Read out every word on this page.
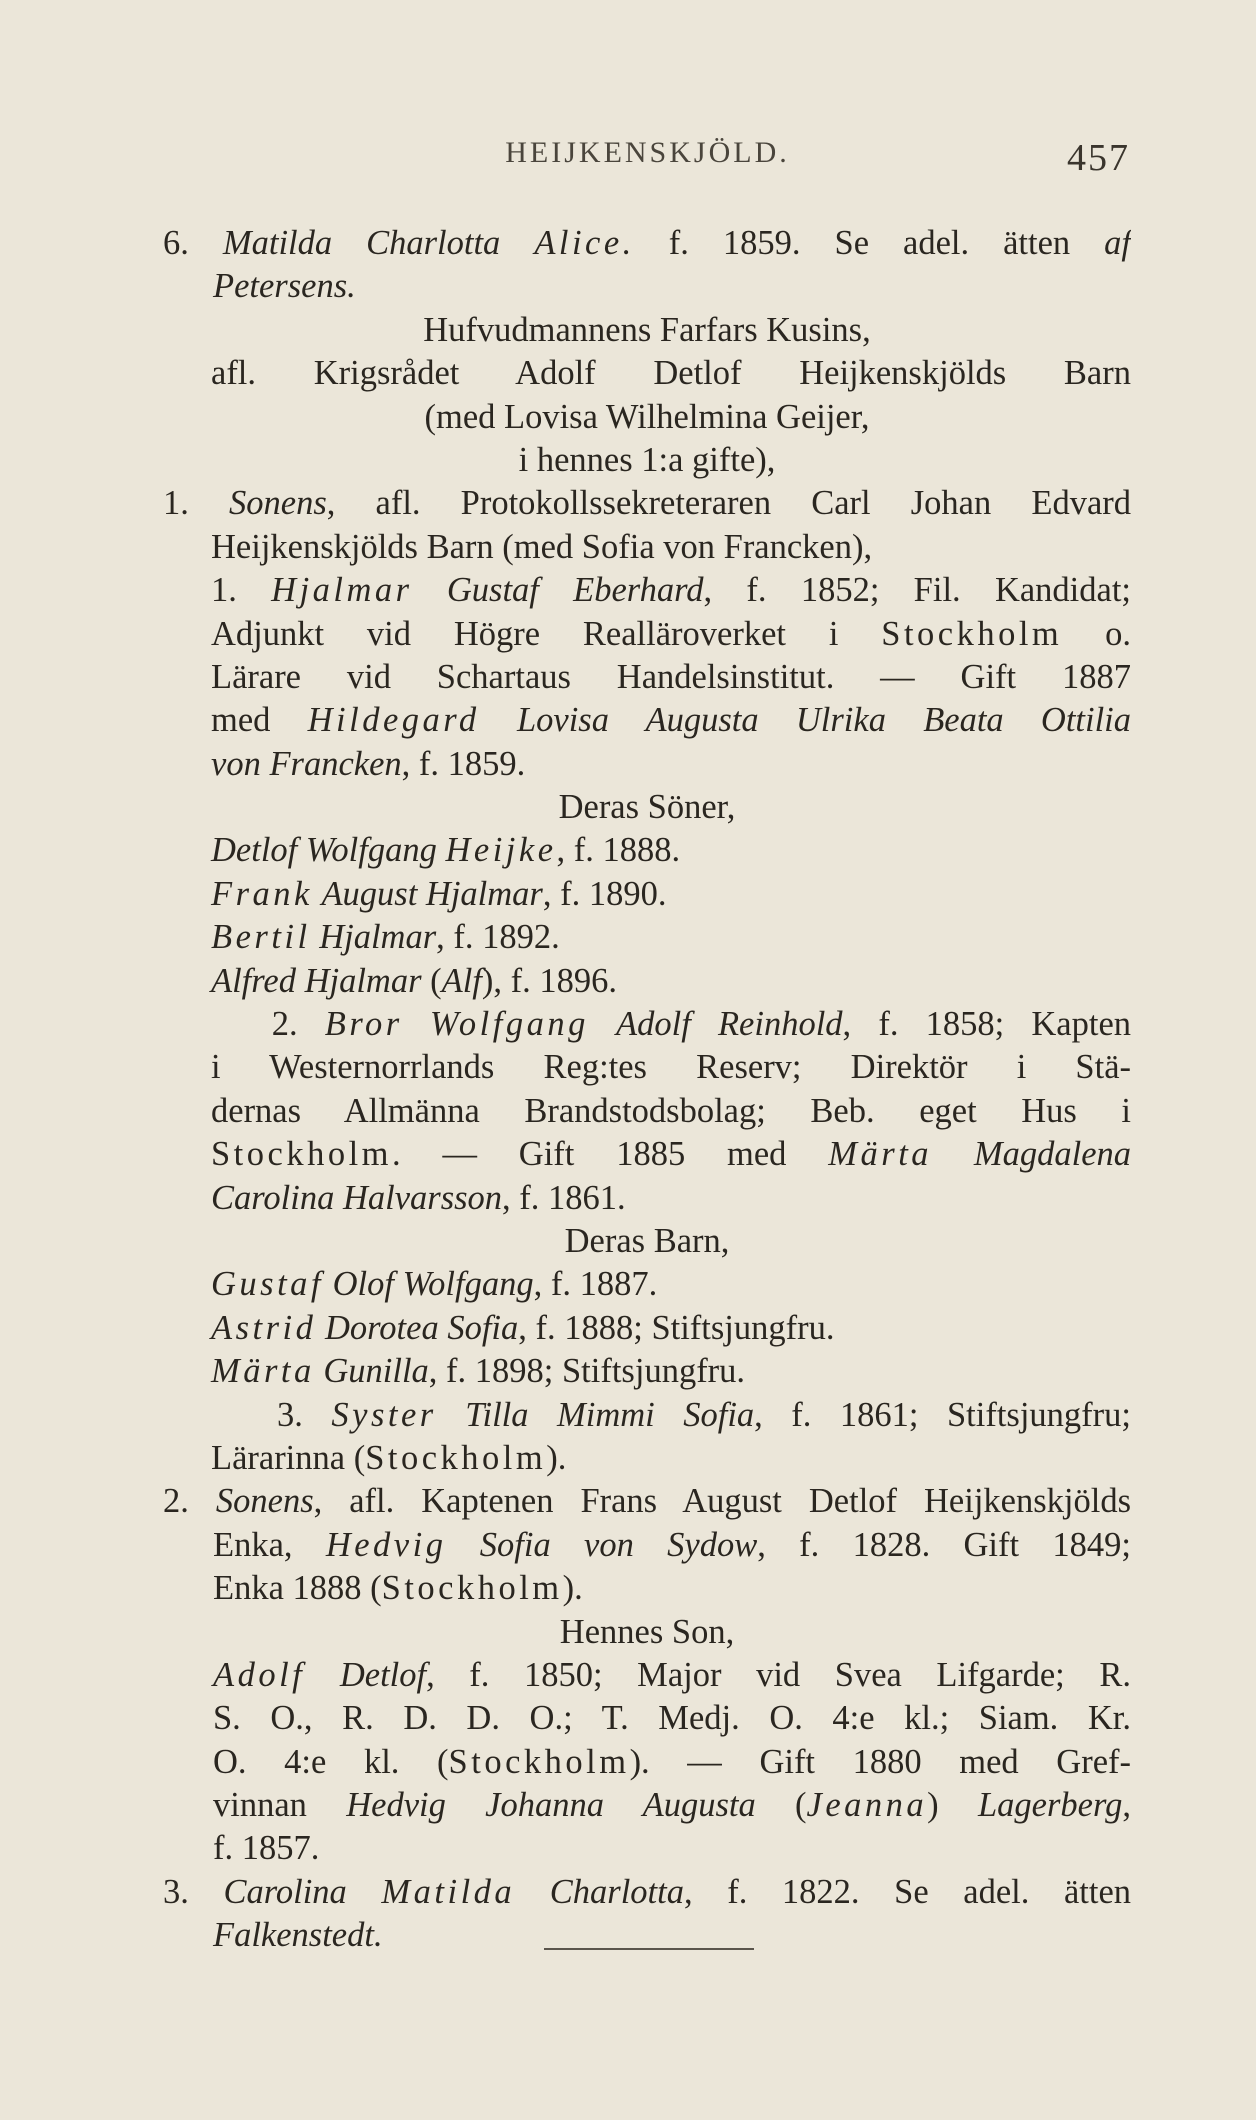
HEIJKENSKJÖLD.	457
6. Matilda Charlotta Alice. f. 1859. Se adel. ätten af
Petersens.
Hufvudmannens Farfars Kusins,
afl. Krigsrådet Adolf Detlof Heijkenskjölds Barn
(med Lovisa Wilhelmina Geijer,
i hennes 1:a gifte),
1. Sonens, afl. Protokollssekreteraren Carl Johan Edvard
Heijkenskjölds Barn (med Sofia von Francken),
1. Hjalmar Gustaf Eberhard, f. 1852; Fil. Kandidat;
Adjunkt vid Högre Realläroverket i Stockholm o.
Lärare vid Schartaus Handelsinstitut. — Gift 1887
med Hildegard Lovisa Augusta Ulrika Beata Ottilia
von Francken, f. 1859.
Deras Söner,
Detlof Wolfgang Heijke, f. 1888.
Frank August Hjalmar, f. 1890.
Bertil Hjalmar, f. 1892.
Alfred Hjalmar (Alf), f. 1896.
2. Bror Wolfgang Adolf Reinhold, f. 1858; Kapten
i Westernorrlands Reg:tes Reserv; Direktör i Stä-
dernas Allmänna Brandstodsbolag; Beb. eget Hus i
Stockholm. — Gift 1885 med Märta Magdalena
Carolina Halvarsson, f. 1861.
Deras Barn,
Gustaf Olof Wolfgang, f. 1887.
Astrid Dorotea Sofia, f. 1888; Stiftsjungfru.
Märta Gunilla, f. 1898; Stiftsjungfru.
3. Syster Tilla Mimmi Sofia, f. 1861; Stiftsjungfru;
Lärarinna (Stockholm).
2. Sonens, afl. Kaptenen Frans August Detlof Heijkenskjölds
Enka, Hedvig Sofia von Sydow, f. 1828. Gift 1849;
Enka 1888 (Stockholm).
Hennes Son,
Adolf Detlof, f. 1850; Major vid Svea Lifgarde; R.
S. O., R. D. D. O.; T. Medj. O. 4:e kl.; Siam. Kr.
O. 4:e kl. (Stockholm). — Gift 1880 med Gref-
vinnan Hedvig Johanna Augusta (Jeanna) Lagerberg,
f. 1857.
3. Carolina Matilda Charlotta, f. 1822. Se adel. ätten
Falkenstedt.
